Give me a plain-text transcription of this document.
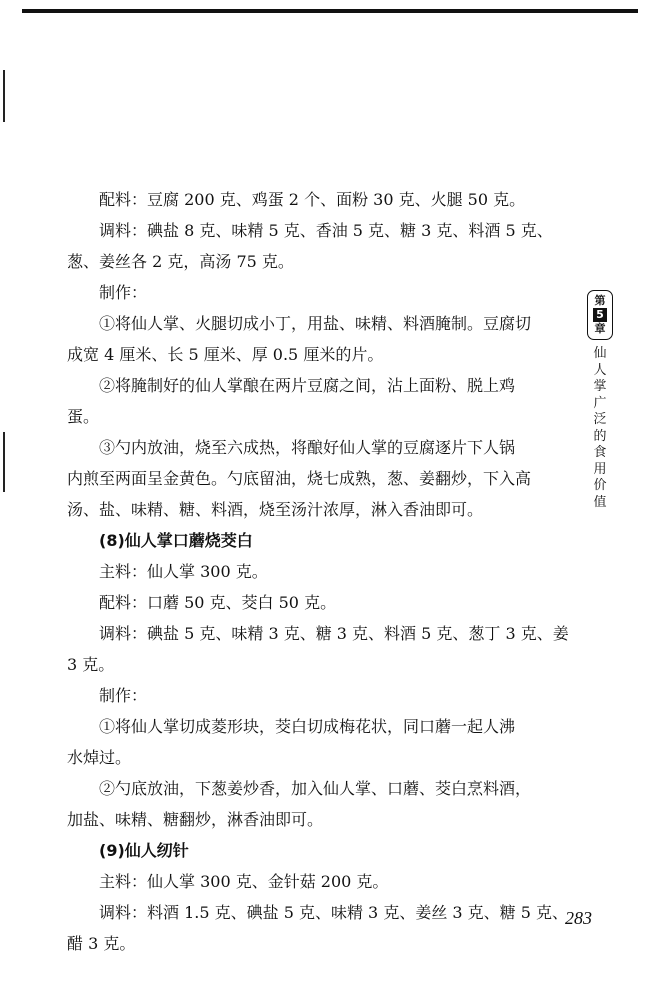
配料：豆腐 200 克、鸡蛋 2 个、面粉 30 克、火腿 50 克。

调料：碘盐 8 克、味精 5 克、香油 5 克、糖 3 克、料酒 5 克、

葱、姜丝各 2 克，高汤 75 克。

制作：

①将仙人掌、火腿切成小丁，用盐、味精、料酒腌制。豆腐切

成宽 4 厘米、长 5 厘米、厚 0.5 厘米的片。

②将腌制好的仙人掌酿在两片豆腐之间，沾上面粉、脱上鸡

蛋。

③勺内放油，烧至六成热，将酿好仙人掌的豆腐逐片下人锅

内煎至两面呈金黄色。勺底留油，烧七成熟，葱、姜翻炒，下入高

汤、盐、味精、糖、料酒，烧至汤汁浓厚，淋入香油即可。

(8)仙人掌口蘑烧茭白

主料：仙人掌 300 克。

配料：口蘑 50 克、茭白 50 克。

调料：碘盐 5 克、味精 3 克、糖 3 克、料酒 5 克、葱丁 3 克、姜

3 克。

制作：

①将仙人掌切成菱形块，茭白切成梅花状，同口蘑一起人沸

水焯过。

②勺底放油，下葱姜炒香，加入仙人掌、口蘑、茭白烹料酒，

加盐、味精、糖翻炒，淋香油即可。

(9)仙人纫针

主料：仙人掌 300 克、金针菇 200 克。

调料：料酒 1.5 克、碘盐 5 克、味精 3 克、姜丝 3 克、糖 5 克、

醋 3 克。

第
5
章
仙
人
掌
广
泛
的
食
用
价
值
283
